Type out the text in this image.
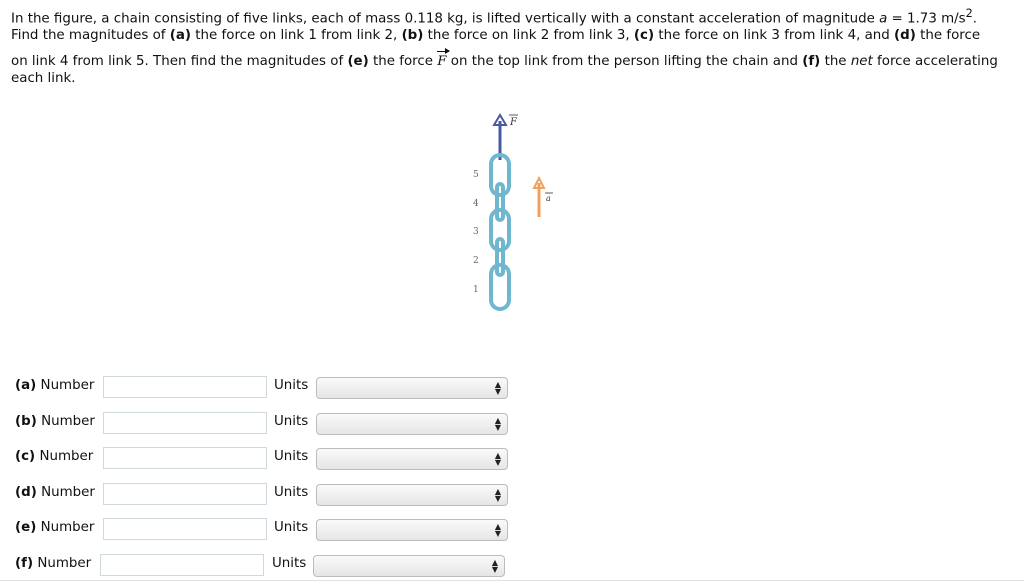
In the figure, a chain consisting of five links, each of mass 0.118 kg, is lifted vertically with a constant acceleration of magnitude a = 1.73 $m/s^2$.
Find the magnitudes of (a) the force on link 1 from link 2, (b) the force on link 2 from link 3, (c) the force on link 3 from link 4, and (d) the force
on link 4 from link 5. Then find the magnitudes of (e) the force F on the top link from the person lifting the chain and (f) the net force accelerating each link.
F
a
5
4
3
2
1
(a) Number	Units	▲
▼
(b) Number	Units	▲
▼
(c) Number	Units	▲
▼
(d) Number	Units	▲
▼
(e) Number	Units	▲
▼
(f) Number	Units	▲
▼
